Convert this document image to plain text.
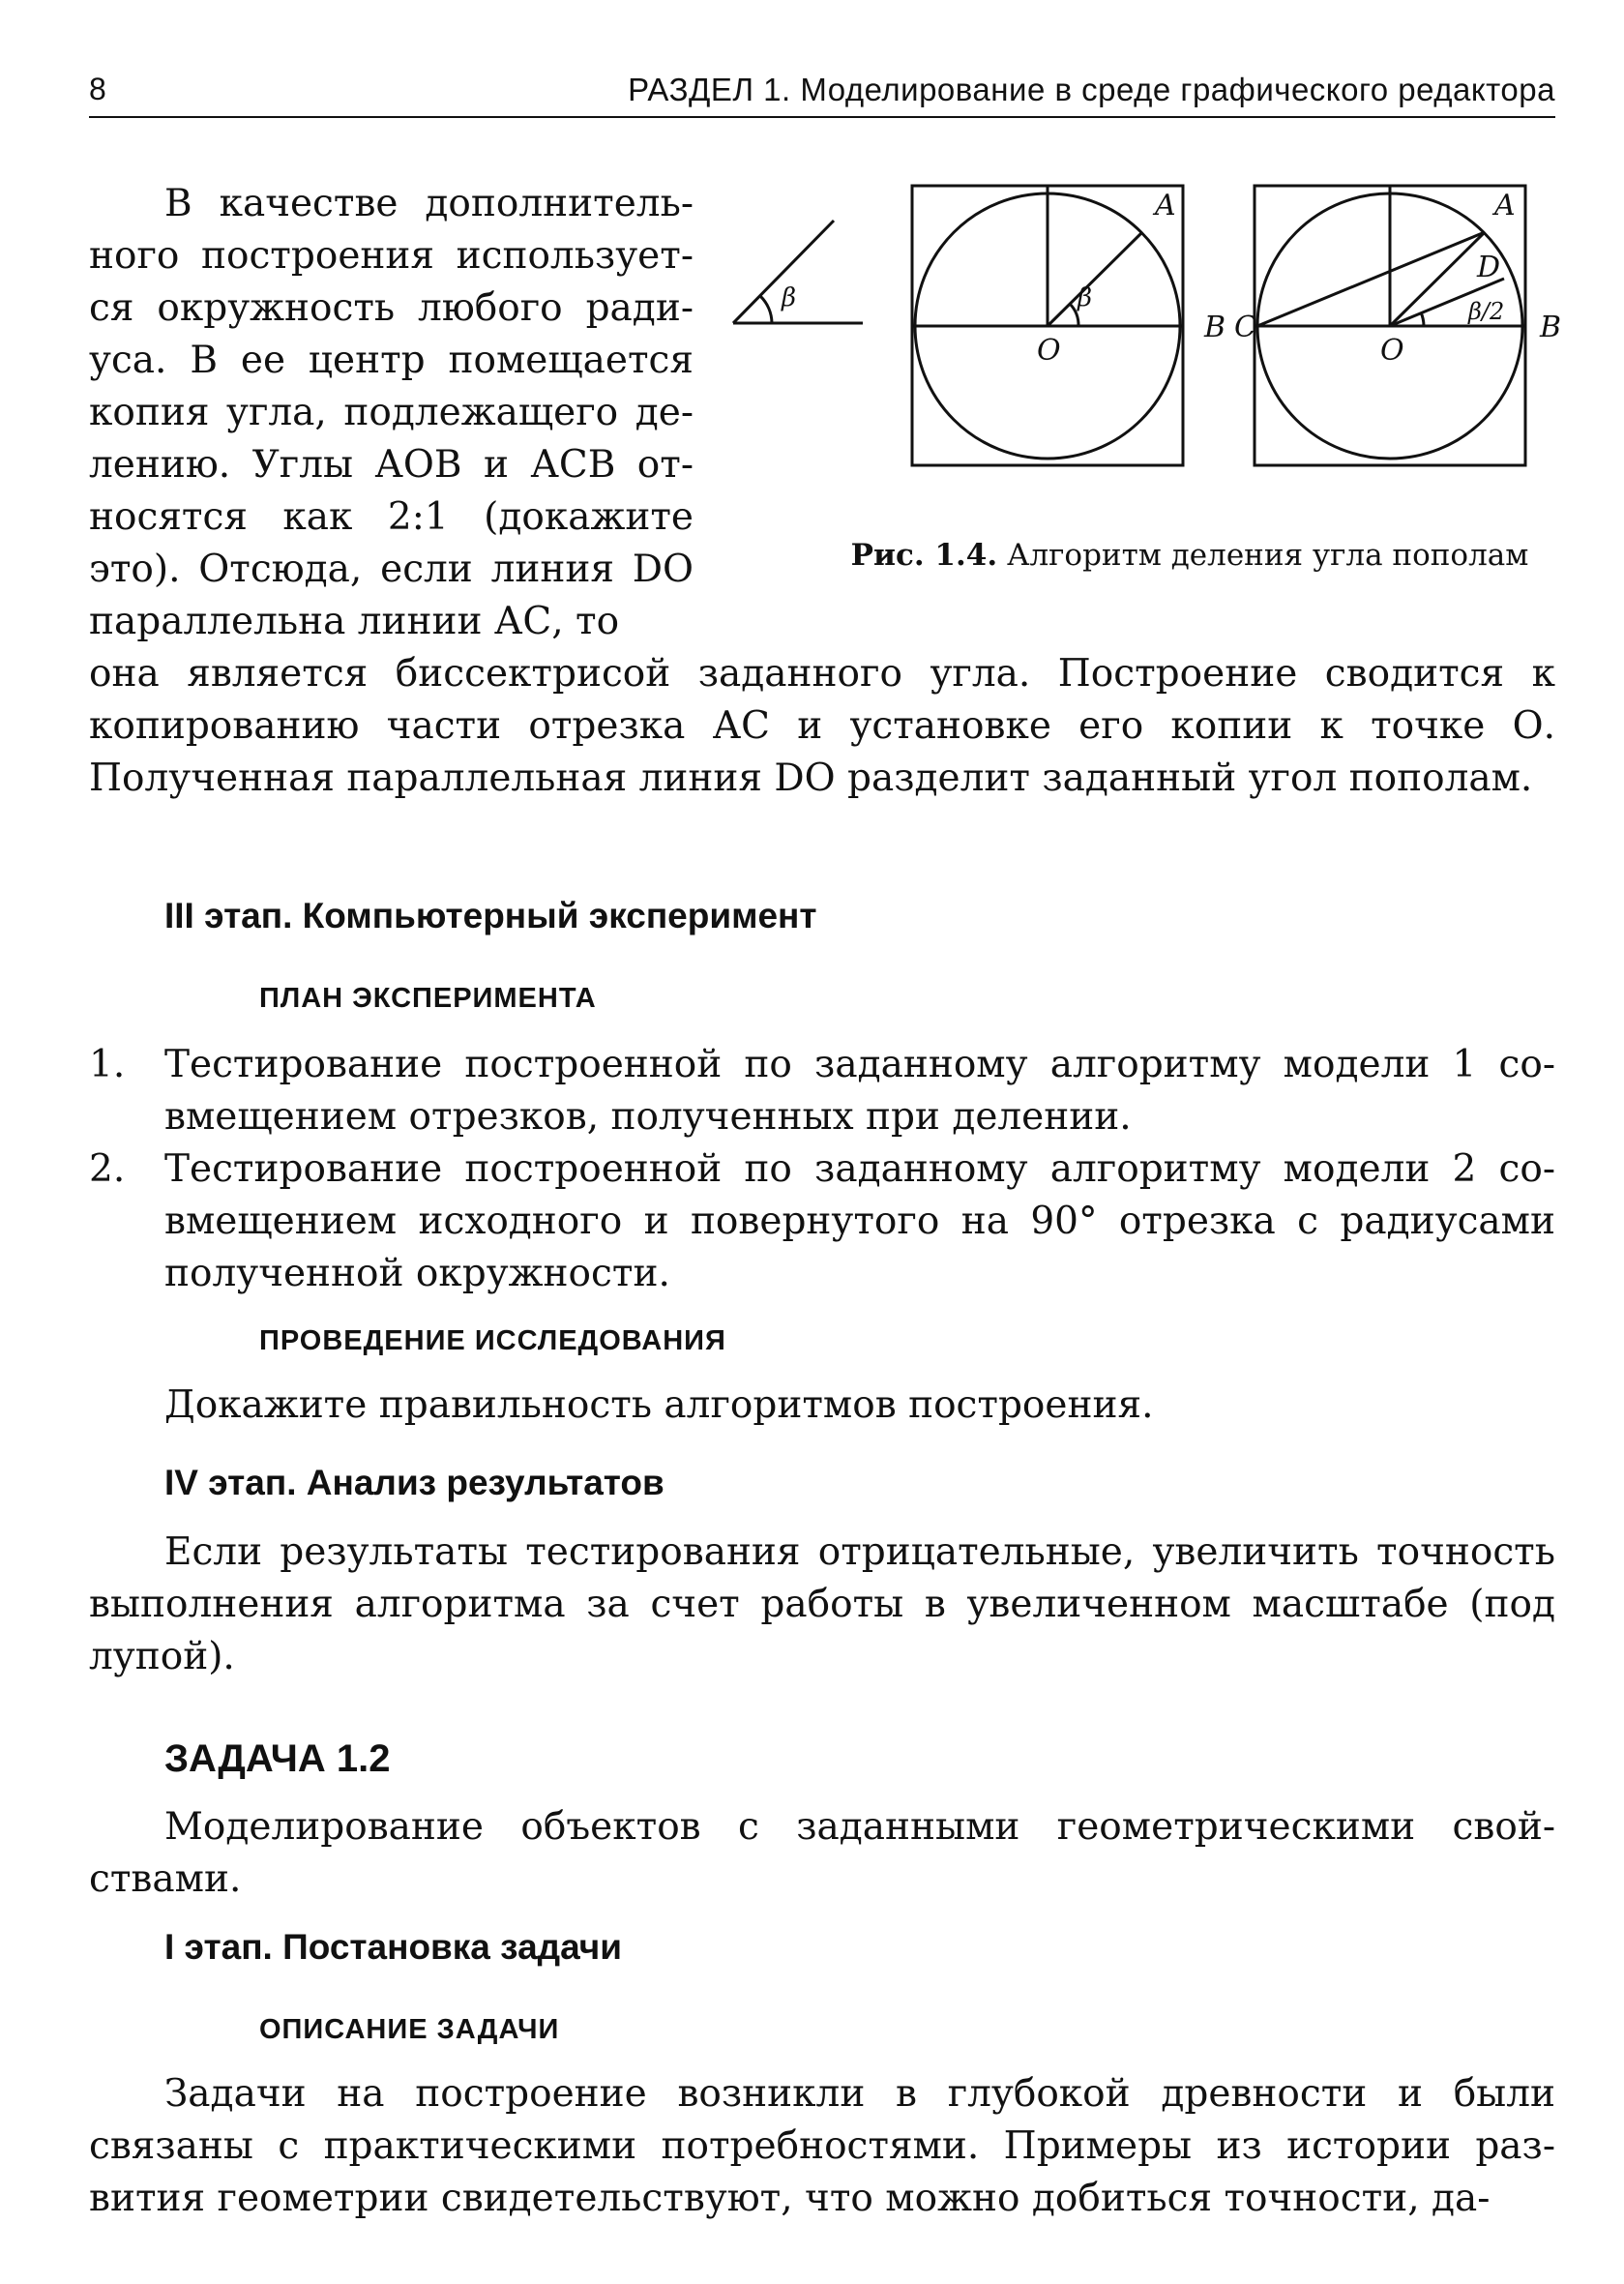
8	РАЗДЕЛ 1. Моделирование в среде графического редактора

В качестве дополнительного построения используется окружность любого радиуса. В ее центр помещается копия угла, подлежащего делению. Углы АОВ и АСВ относятся как 2:1 (докажите это). Отсюда, если линия DO параллельна линии АС, то

β
A
β
O
B C
A
D
β/2
O
B
Рис. 1.4. Алгоритм деления угла пополам

она является биссектрисой заданного угла. Построение сводится к копированию части отрезка АС и установке его копии к точке О. Полученная параллельная линия DO разделит заданный угол пополам.

III этап. Компьютерный эксперимент
ПЛАН ЭКСПЕРИМЕНТА
1. Тестирование построенной по заданному алгоритму модели 1 совмещением отрезков, полученных при делении.
2. Тестирование построенной по заданному алгоритму модели 2 совмещением исходного и повернутого на 90° отрезка с радиусами полученной окружности.
ПРОВЕДЕНИЕ ИССЛЕДОВАНИЯ

Докажите правильность алгоритмов построения.

IV этап. Анализ результатов

Если результаты тестирования отрицательные, увеличить точность выполнения алгоритма за счет работы в увеличенном масштабе (под лупой).

ЗАДАЧА 1.2

Моделирование объектов с заданными геометрическими свойствами.

I этап. Постановка задачи
ОПИСАНИЕ ЗАДАЧИ

Задачи на построение возникли в глубокой древности и были связаны с практическими потребностями. Примеры из истории развития геометрии свидетельствуют, что можно добиться точности, да-
